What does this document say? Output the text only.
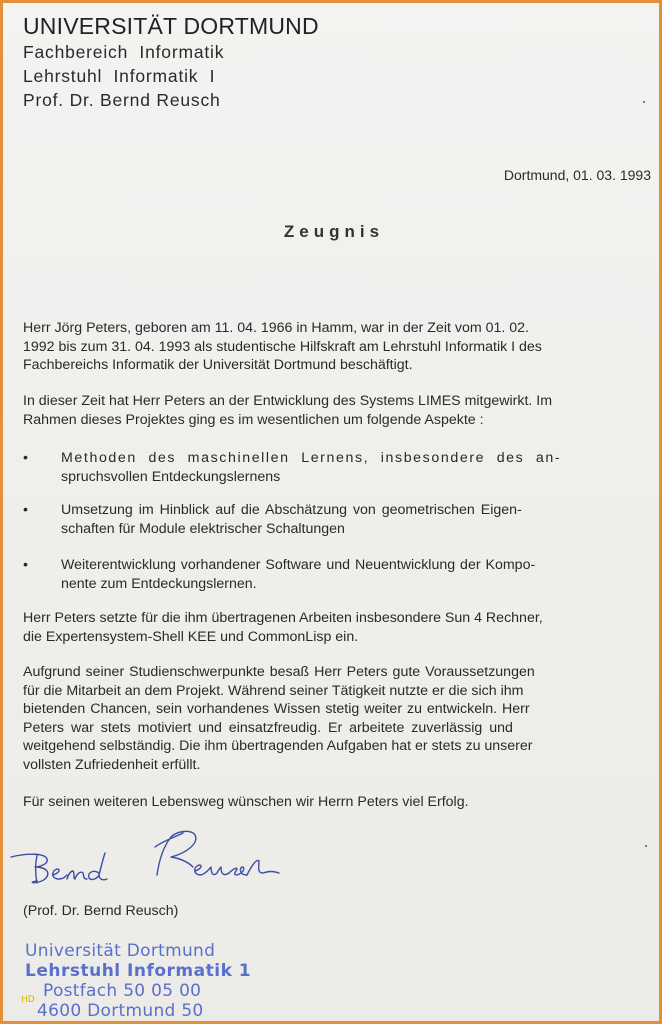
UNIVERSITÄT DORTMUND
Fachbereich  Informatik
Lehrstuhl  Informatik  I
Prof. Dr. Bernd Reusch
Dortmund, 01. 03. 1993
Zeugnis
Herr Jörg Peters, geboren am 11. 04. 1966 in Hamm, war in der Zeit vom 01. 02.
1992 bis zum 31. 04. 1993 als studentische Hilfskraft am Lehrstuhl Informatik I des
Fachbereichs Informatik der Universität Dortmund beschäftigt.
In dieser Zeit hat Herr Peters an der Entwicklung des Systems LIMES mitgewirkt. Im
Rahmen dieses Projektes ging es im wesentlichen um folgende Aspekte :
•	Methoden des maschinellen Lernens, insbesondere des an-
spruchsvollen Entdeckungslernens
•	Umsetzung im Hinblick auf die Abschätzung von geometrischen Eigen-
schaften für Module elektrischer Schaltungen
•	Weiterentwicklung vorhandener Software und Neuentwicklung der Kompo-
nente zum Entdeckungslernen.
Herr Peters setzte für die ihm übertragenen Arbeiten insbesondere Sun 4 Rechner,
die Expertensystem-Shell KEE und CommonLisp ein.
Aufgrund seiner Studienschwerpunkte besaß Herr Peters gute Voraussetzungen
für die Mitarbeit an dem Projekt. Während seiner Tätigkeit nutzte er die sich ihm
bietenden Chancen, sein vorhandenes Wissen stetig weiter zu entwickeln. Herr
Peters war stets motiviert und einsatzfreudig. Er arbeitete zuverlässig und
weitgehend selbständig. Die ihm übertragenden Aufgaben hat er stets zu unserer
vollsten Zufriedenheit erfüllt.
Für seinen weiteren Lebensweg wünschen wir Herrn Peters viel Erfolg.
(Prof. Dr. Bernd Reusch)
Universität Dortmund
Lehrstuhl Informatik 1
Postfach 50 05 00
4600 Dortmund 50
HD
